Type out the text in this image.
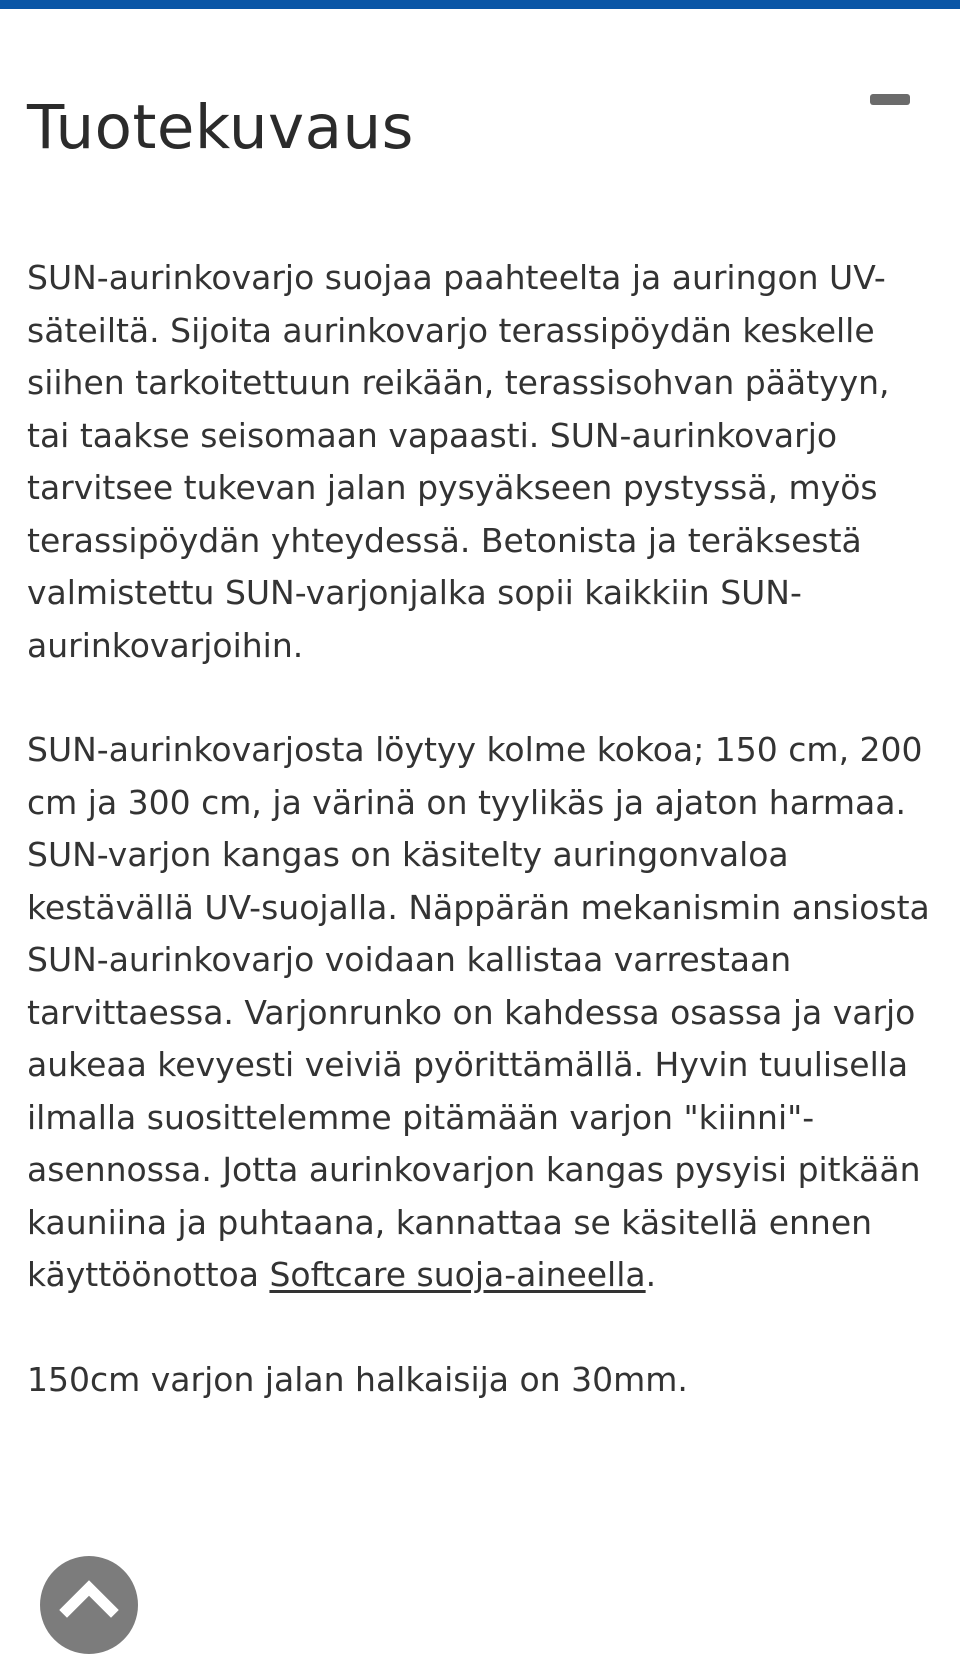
Tuotekuvaus

SUN-aurinkovarjo suojaa paahteelta ja auringon UV-säteiltä. Sijoita aurinkovarjo terassipöydän keskelle siihen tarkoitettuun reikään, terassisohvan päätyyn, tai taakse seisomaan vapaasti. SUN-aurinkovarjo tarvitsee tukevan jalan pysyäkseen pystyssä, myös terassipöydän yhteydessä. Betonista ja teräksestä valmistettu SUN-varjonjalka sopii kaikkiin SUN-aurinkovarjoihin.

SUN-aurinkovarjosta löytyy kolme kokoa; 150 cm, 200 cm ja 300 cm, ja värinä on tyylikäs ja ajaton harmaa. SUN-varjon kangas on käsitelty auringonvaloa kestävällä UV-suojalla. Näppärän mekanismin ansiosta SUN-aurinkovarjo voidaan kallistaa varrestaan tarvittaessa. Varjonrunko on kahdessa osassa ja varjo aukeaa kevyesti veiviä pyörittämällä. Hyvin tuulisella ilmalla suosittelemme pitämään varjon "kiinni"-asennossa. Jotta aurinkovarjon kangas pysyisi pitkään kauniina ja puhtaana, kannattaa se käsitellä ennen käyttöönottoa Softcare suoja-aineella.

150cm varjon jalan halkaisija on 30mm.
